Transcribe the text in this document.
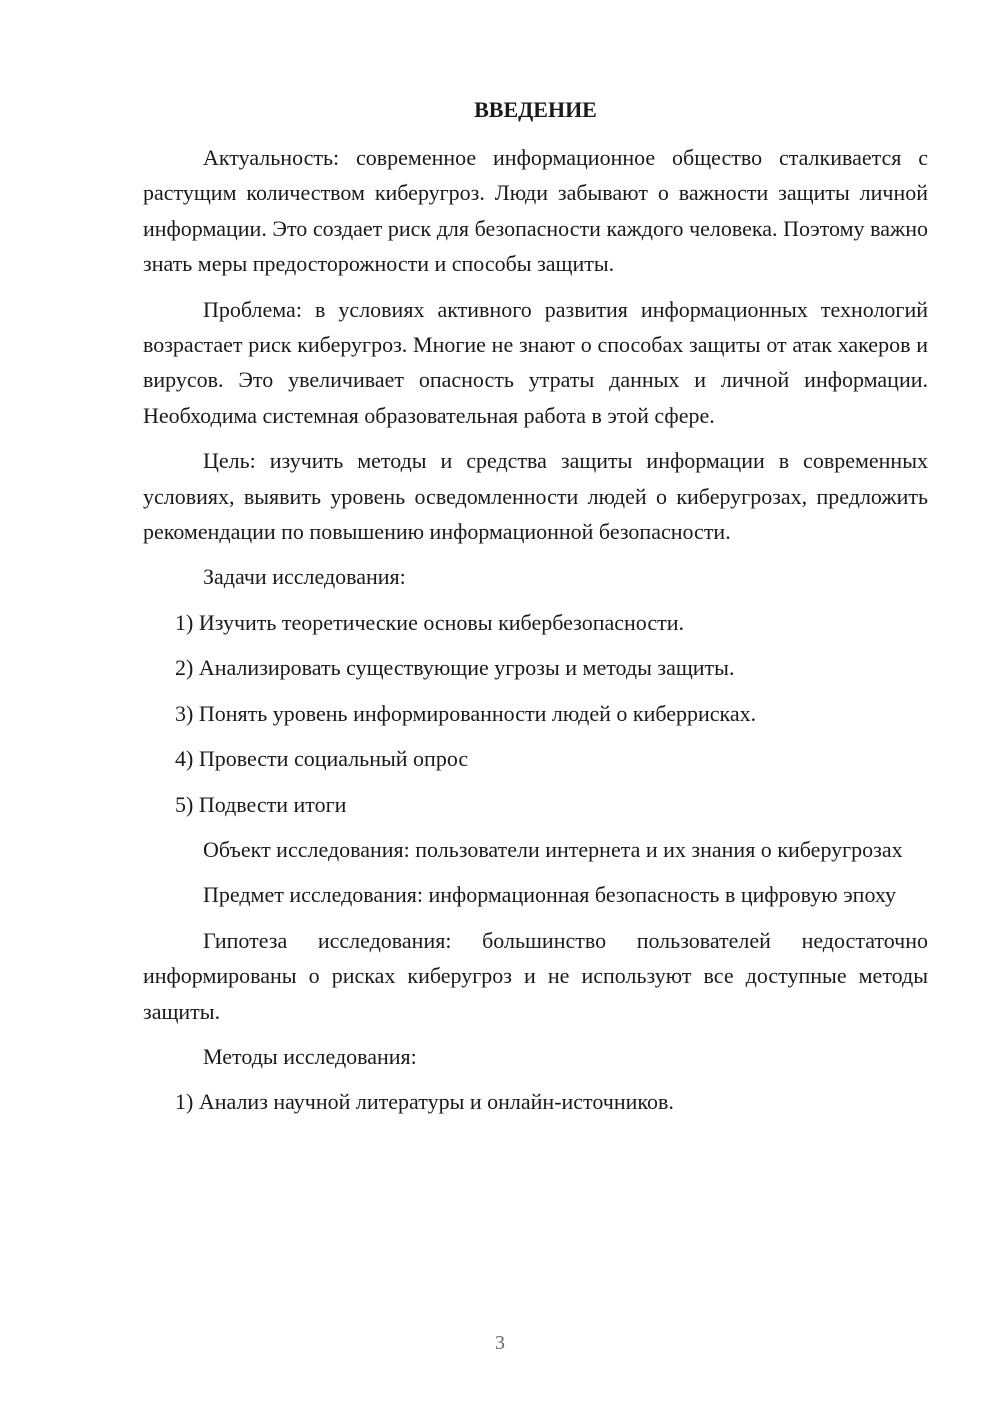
ВВЕДЕНИЕ

Актуальность: современное информационное общество сталкивается с растущим количеством киберугроз. Люди забывают о важности защиты личной информации. Это создает риск для безопасности каждого человека. Поэтому важно знать меры предосторожности и способы защиты.

Проблема: в условиях активного развития информационных технологий возрастает риск киберугроз. Многие не знают о способах защиты от атак хакеров и вирусов. Это увеличивает опасность утраты данных и личной информации. Необходима системная образовательная работа в этой сфере.

Цель: изучить методы и средства защиты информации в современных условиях, выявить уровень осведомленности людей о киберугрозах, предложить рекомендации по повышению информационной безопасности.

Задачи исследования:

1) Изучить теоретические основы кибербезопасности.

2) Анализировать существующие угрозы и методы защиты.

3) Понять уровень информированности людей о киберрисках.

4) Провести социальный опрос

5) Подвести итоги

Объект исследования: пользователи интернета и их знания о киберугрозах

Предмет исследования: информационная безопасность в цифровую эпоху

Гипотеза исследования: большинство пользователей недостаточно информированы о рисках киберугроз и не используют все доступные методы защиты.

Методы исследования:

1) Анализ научной литературы и онлайн-источников.

3
